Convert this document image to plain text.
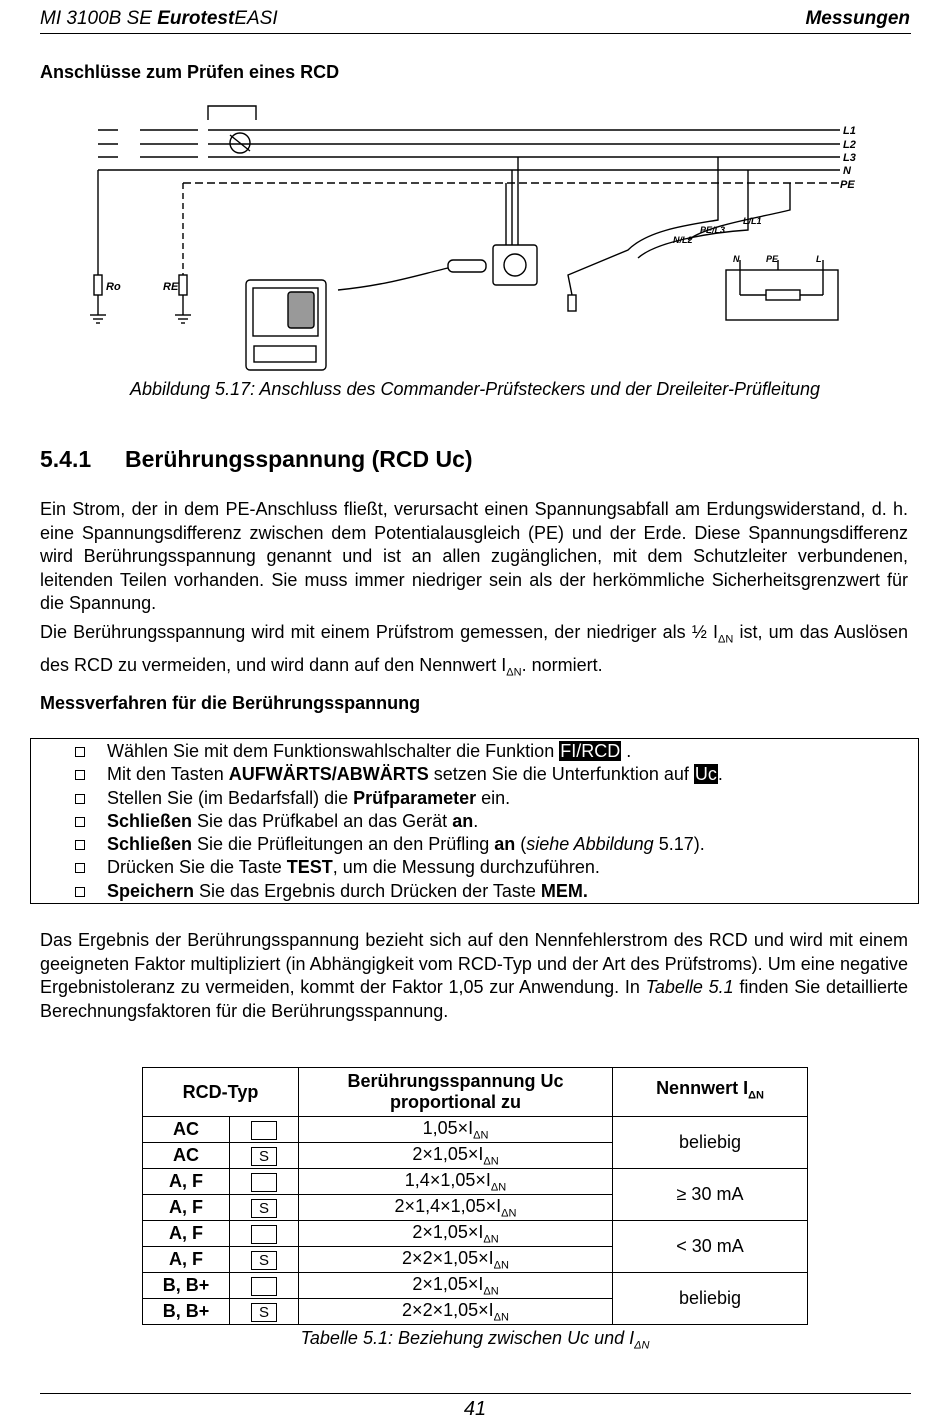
MI 3100B SE EurotestEASI	Messungen
Anschlüsse zum Prüfen eines RCD
L1
L2
L3
N
PE
Ro	RE
PE/L3
N/L2
L/L1
N	PE	L
Abbildung 5.17: Anschluss des Commander-Prüfsteckers und der Dreileiter-Prüfleitung
5.4.1 Berührungsspannung (RCD Uc)
Ein Strom, der in dem PE-Anschluss fließt, verursacht einen Spannungsabfall am Erdungswiderstand, d. h. eine Spannungsdifferenz zwischen dem Potentialausgleich (PE) und der Erde. Diese Spannungsdifferenz wird Berührungsspannung genannt und ist an allen zugänglichen, mit dem Schutzleiter verbundenen, leitenden Teilen vorhanden. Sie muss immer niedriger sein als der herkömmliche Sicherheitsgrenzwert für die Spannung.
Die Berührungsspannung wird mit einem Prüfstrom gemessen, der niedriger als ½ $I_{\Delta N}$ ist, um das Auslösen des RCD zu vermeiden, und wird dann auf den Nennwert $I_{\Delta N}$. normiert.
Messverfahren für die Berührungsspannung
Wählen Sie mit dem Funktionswahlschalter die Funktion FI/RCD .
Mit den Tasten AUFWÄRTS/ABWÄRTS setzen Sie die Unterfunktion auf Uc.
Stellen Sie (im Bedarfsfall) die Prüfparameter ein.
Schließen Sie das Prüfkabel an das Gerät an.
Schließen Sie die Prüfleitungen an den Prüfling an (siehe Abbildung 5.17).
Drücken Sie die Taste TEST, um die Messung durchzuführen.
Speichern Sie das Ergebnis durch Drücken der Taste MEM.
Das Ergebnis der Berührungsspannung bezieht sich auf den Nennfehlerstrom des RCD und wird mit einem geeigneten Faktor multipliziert (in Abhängigkeit vom RCD-Typ und der Art des Prüfstroms). Um eine negative Ergebnistoleranz zu vermeiden, kommt der Faktor 1,05 zur Anwendung. In Tabelle 5.1 finden Sie detaillierte Berechnungsfaktoren für die Berührungsspannung.
RCD-Typ		Berührungsspannung Uc proportional zu	Nennwert $I_{\Delta N}$
AC		$1,05\times I_{\Delta N}$	beliebig
AC	S	$2\times 1,05\times I_{\Delta N}$
A, F		$1,4\times 1,05\times I_{\Delta N}$	≥ 30 mA
A, F	S	$2\times 1,4\times 1,05\times I_{\Delta N}$
A, F		$2\times 1,05\times I_{\Delta N}$	< 30 mA
A, F	S	$2\times 2\times 1,05\times I_{\Delta N}$
B, B+		$2\times 1,05\times I_{\Delta N}$	beliebig
B, B+	S	$2\times 2\times 1,05\times I_{\Delta N}$
Tabelle 5.1: Beziehung zwischen Uc und $I_{\Delta N}$
41
